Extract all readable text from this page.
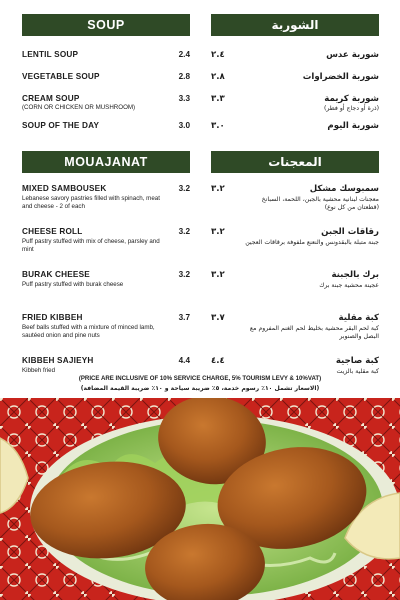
SOUP
LENTIL SOUP	2.4
VEGETABLE SOUP	2.8
CREAM SOUP	3.3
(CORN OR CHICKEN OR MUSHROOM)
SOUP OF THE DAY	3.0
MOUAJANAT
MIXED SAMBOUSEK	3.2
Lebanese savory pastries filled with spinach, meat and cheese - 2 of each
CHEESE ROLL	3.2
Puff pastry stuffed with mix of cheese, parsley and mint
BURAK CHEESE	3.2
Puff pastry stuffed with burak cheese
FRIED KIBBEH	3.7
Beef balls stuffed with a mixture of minced lamb, sautéed onion and pine nuts
KIBBEH SAJIEYH	4.4
Kibbeh fried
الشوربة
٢.٤	شوربة عدس
٢.٨	شوربة الخضراوات
٣.٣	شوربة كريمة
(ذرة أو دجاج أو فطر)
٣.٠	شوربة اليوم
المعجنات
٣.٢	سمبوسك مشكل
معجنات لبنانية محشية بالجبن، اللحمة، السبانخ (قطعتان من كل نوع)
٣.٢	رقاقات الجبن
جبنة متبلة بالبقدونس والنعنع ملفوفة برقاقات العجين
٣.٢	برك بالجبنة
عجينة محشية جبنة برك
٣.٧	كبة مقلية
كبة لحم البقر محشية بخليط لحم الغنم المفروم مع البصل والصنوبر
٤.٤	كبة صاجية
كبة مقلية بالزيت
(PRICE ARE INCLUSIVE OF 10% SERVICE CHARGE, 5% TOURISM LEVY & 10%VAT)
(الاسعار تشمل ١٠٪ رسوم خدمة، ٥٪ ضريبة سياحة و ١٠٪ ضريبة القيمة المضافة)
